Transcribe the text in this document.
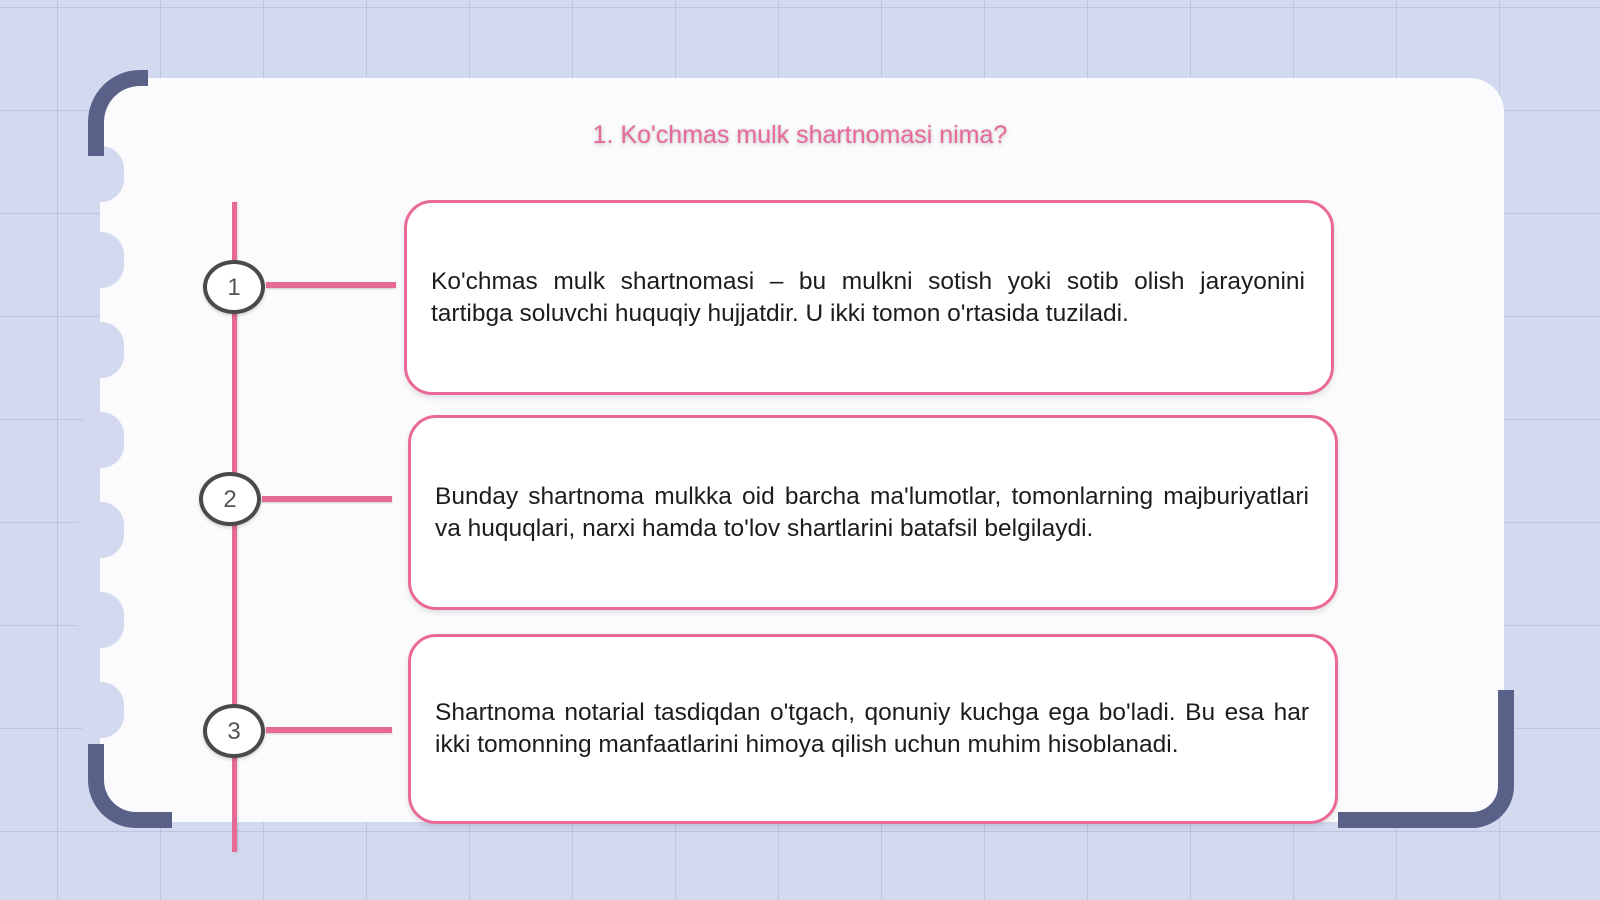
1. Ko'chmas mulk shartnomasi nima?
1
2
3

Ko'chmas mulk shartnomasi – bu mulkni sotish yoki sotib olish jarayonini tartibga soluvchi huquqiy hujjatdir. U ikki tomon o'rtasida tuziladi.

Bunday shartnoma mulkka oid barcha ma'lumotlar, tomonlarning majburiyatlari va huquqlari, narxi hamda to'lov shartlarini batafsil belgilaydi.

Shartnoma notarial tasdiqdan o'tgach, qonuniy kuchga ega bo'ladi. Bu esa har ikki tomonning manfaatlarini himoya qilish uchun muhim hisoblanadi.
